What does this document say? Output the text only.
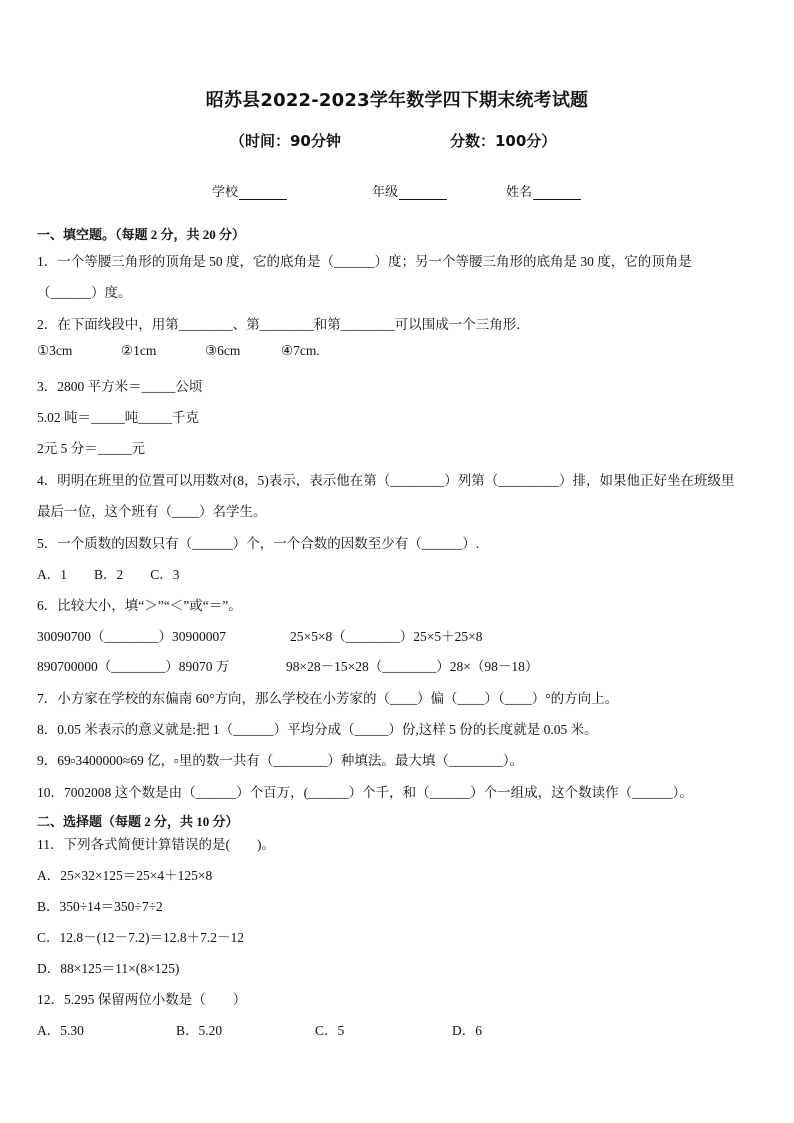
昭苏县2022-2023学年数学四下期末统考试题
（时间：90分钟	分数：100分）
学校	年级	姓名
一、填空题。（每题 2 分，共 20 分）
1．一个等腰三角形的顶角是 50 度，它的底角是（______）度；另一个等腰三角形的底角是 30 度，它的顶角是
（______）度。
2．在下面线段中，用第________、第________和第________可以围成一个三角形．
①3cm	②1cm	③6cm	④7cm.
3．2800 平方米＝_____公顷
5.02 吨＝_____吨_____千克
2元 5 分＝_____元
4．明明在班里的位置可以用数对(8，5)表示，表示他在第（________）列第（_________）排，如果他正好坐在班级里
最后一位，这个班有（____）名学生。
5．一个质数的因数只有（______）个，一个合数的因数至少有（______）.
A．1　　B．2　　C．3
6．比较大小，填“＞”“＜”或“＝”。
30090700（________）30900007	25×5×8（________）25×5＋25×8
890700000（________）89070 万	98×28－15×28（________）28×（98－18）
7．小方家在学校的东偏南 60°方向，那么学校在小芳家的（____）偏（____）（____）°的方向上。
8．0.05 米表示的意义就是:把 1（______）平均分成（_____）份,这样 5 份的长度就是 0.05 米。
9．69▫3400000≈69 亿，▫里的数一共有（________）种填法。最大填（________）。
10．7002008 这个数是由（______）个百万，(______）个千，和（______）个一组成，这个数读作（______）。
二、选择题（每题 2 分，共 10 分）
11．下列各式简便计算错误的是(　　)。
A．25×32×125＝25×4＋125×8
B．350÷14＝350÷7÷2
C．12.8－(12－7.2)＝12.8＋7.2－12
D．88×125＝11×(8×125)
12．5.295 保留两位小数是（　　）
A．5.30	B．5.20	C．5	D．6
